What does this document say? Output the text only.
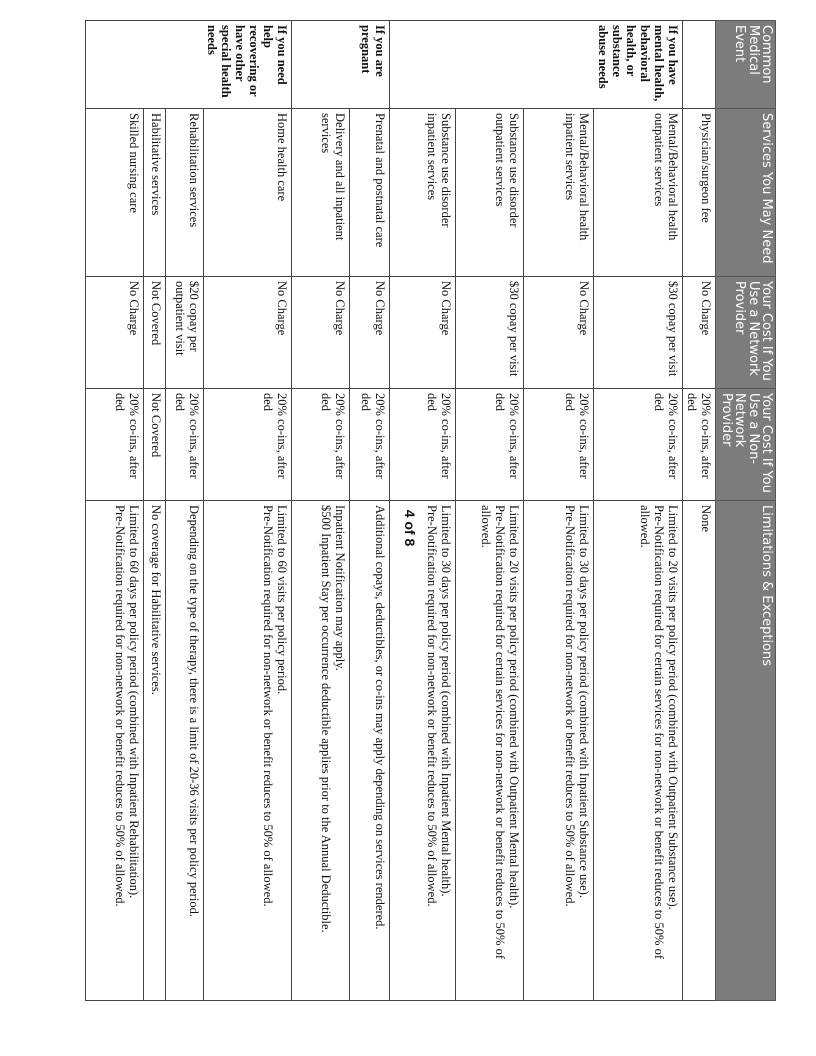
Common Medical Event	Services You May Need	Your Cost If You Use a Network Provider	Your Cost If You Use a Non-Network Provider	Limitations & Exceptions
	Physician/surgeon fee	No Charge	20% co-ins, after ded	None

If you have mental health, behavioral health, or substance abuse needs	Mental/Behavioral health outpatient services	$30 copay per visit	20% co-ins, after ded	Limited to 20 visits per policy period (combined with Outpatient Substance use).
Pre-Notification required for certain services for non-network or benefit reduces to 50% of allowed.

	Mental/Behavioral health inpatient services	No Charge	20% co-ins, after ded	Limited to 30 days per policy period (combined with Inpatient Substance use).
Pre-Notification required for non-network or benefit reduces to 50% of allowed.

	Substance use disorder outpatient services	$30 copay per visit	20% co-ins, after ded	Limited to 20 visits per policy period (combined with Outpatient Mental health).
Pre-Notification required for certain services for non-network or benefit reduces to 50% of allowed.

	Substance use disorder inpatient services	No Charge	20% co-ins, after ded	Limited to 30 days per policy period (combined with Inpatient Mental health).
Pre-Notification required for non-network or benefit reduces to 50% of allowed.

If you are pregnant	Prenatal and postnatal care	No Charge	20% co-ins, after ded	Additional copays, deductibles, or co-ins may apply depending on services rendered.

	Delivery and all inpatient services	No Charge	20% co-ins, after ded	Inpatient Notification may apply.
$500 Inpatient Stay per occurrence deductible applies prior to the Annual Deductible.

If you need help recovering or have other special health needs	Home health care	No Charge	20% co-ins, after ded	Limited to 60 visits per policy period.
Pre-Notification required for non-network or benefit reduces to 50% of allowed.

	Rehabilitation services	$20 copay per outpatient visit	20% co-ins, after ded	Depending on the type of therapy, there is a limit of 20-36 visits per policy period.

	Habilitative services	Not Covered	Not Covered	No coverage for Habilitative services.

	Skilled nursing care	No Charge	20% co-ins, after ded	Limited to 60 days per policy period (combined with Inpatient Rehabilitation).
Pre-Notification required for non-network or benefit reduces to 50% of allowed.	4 of 8
